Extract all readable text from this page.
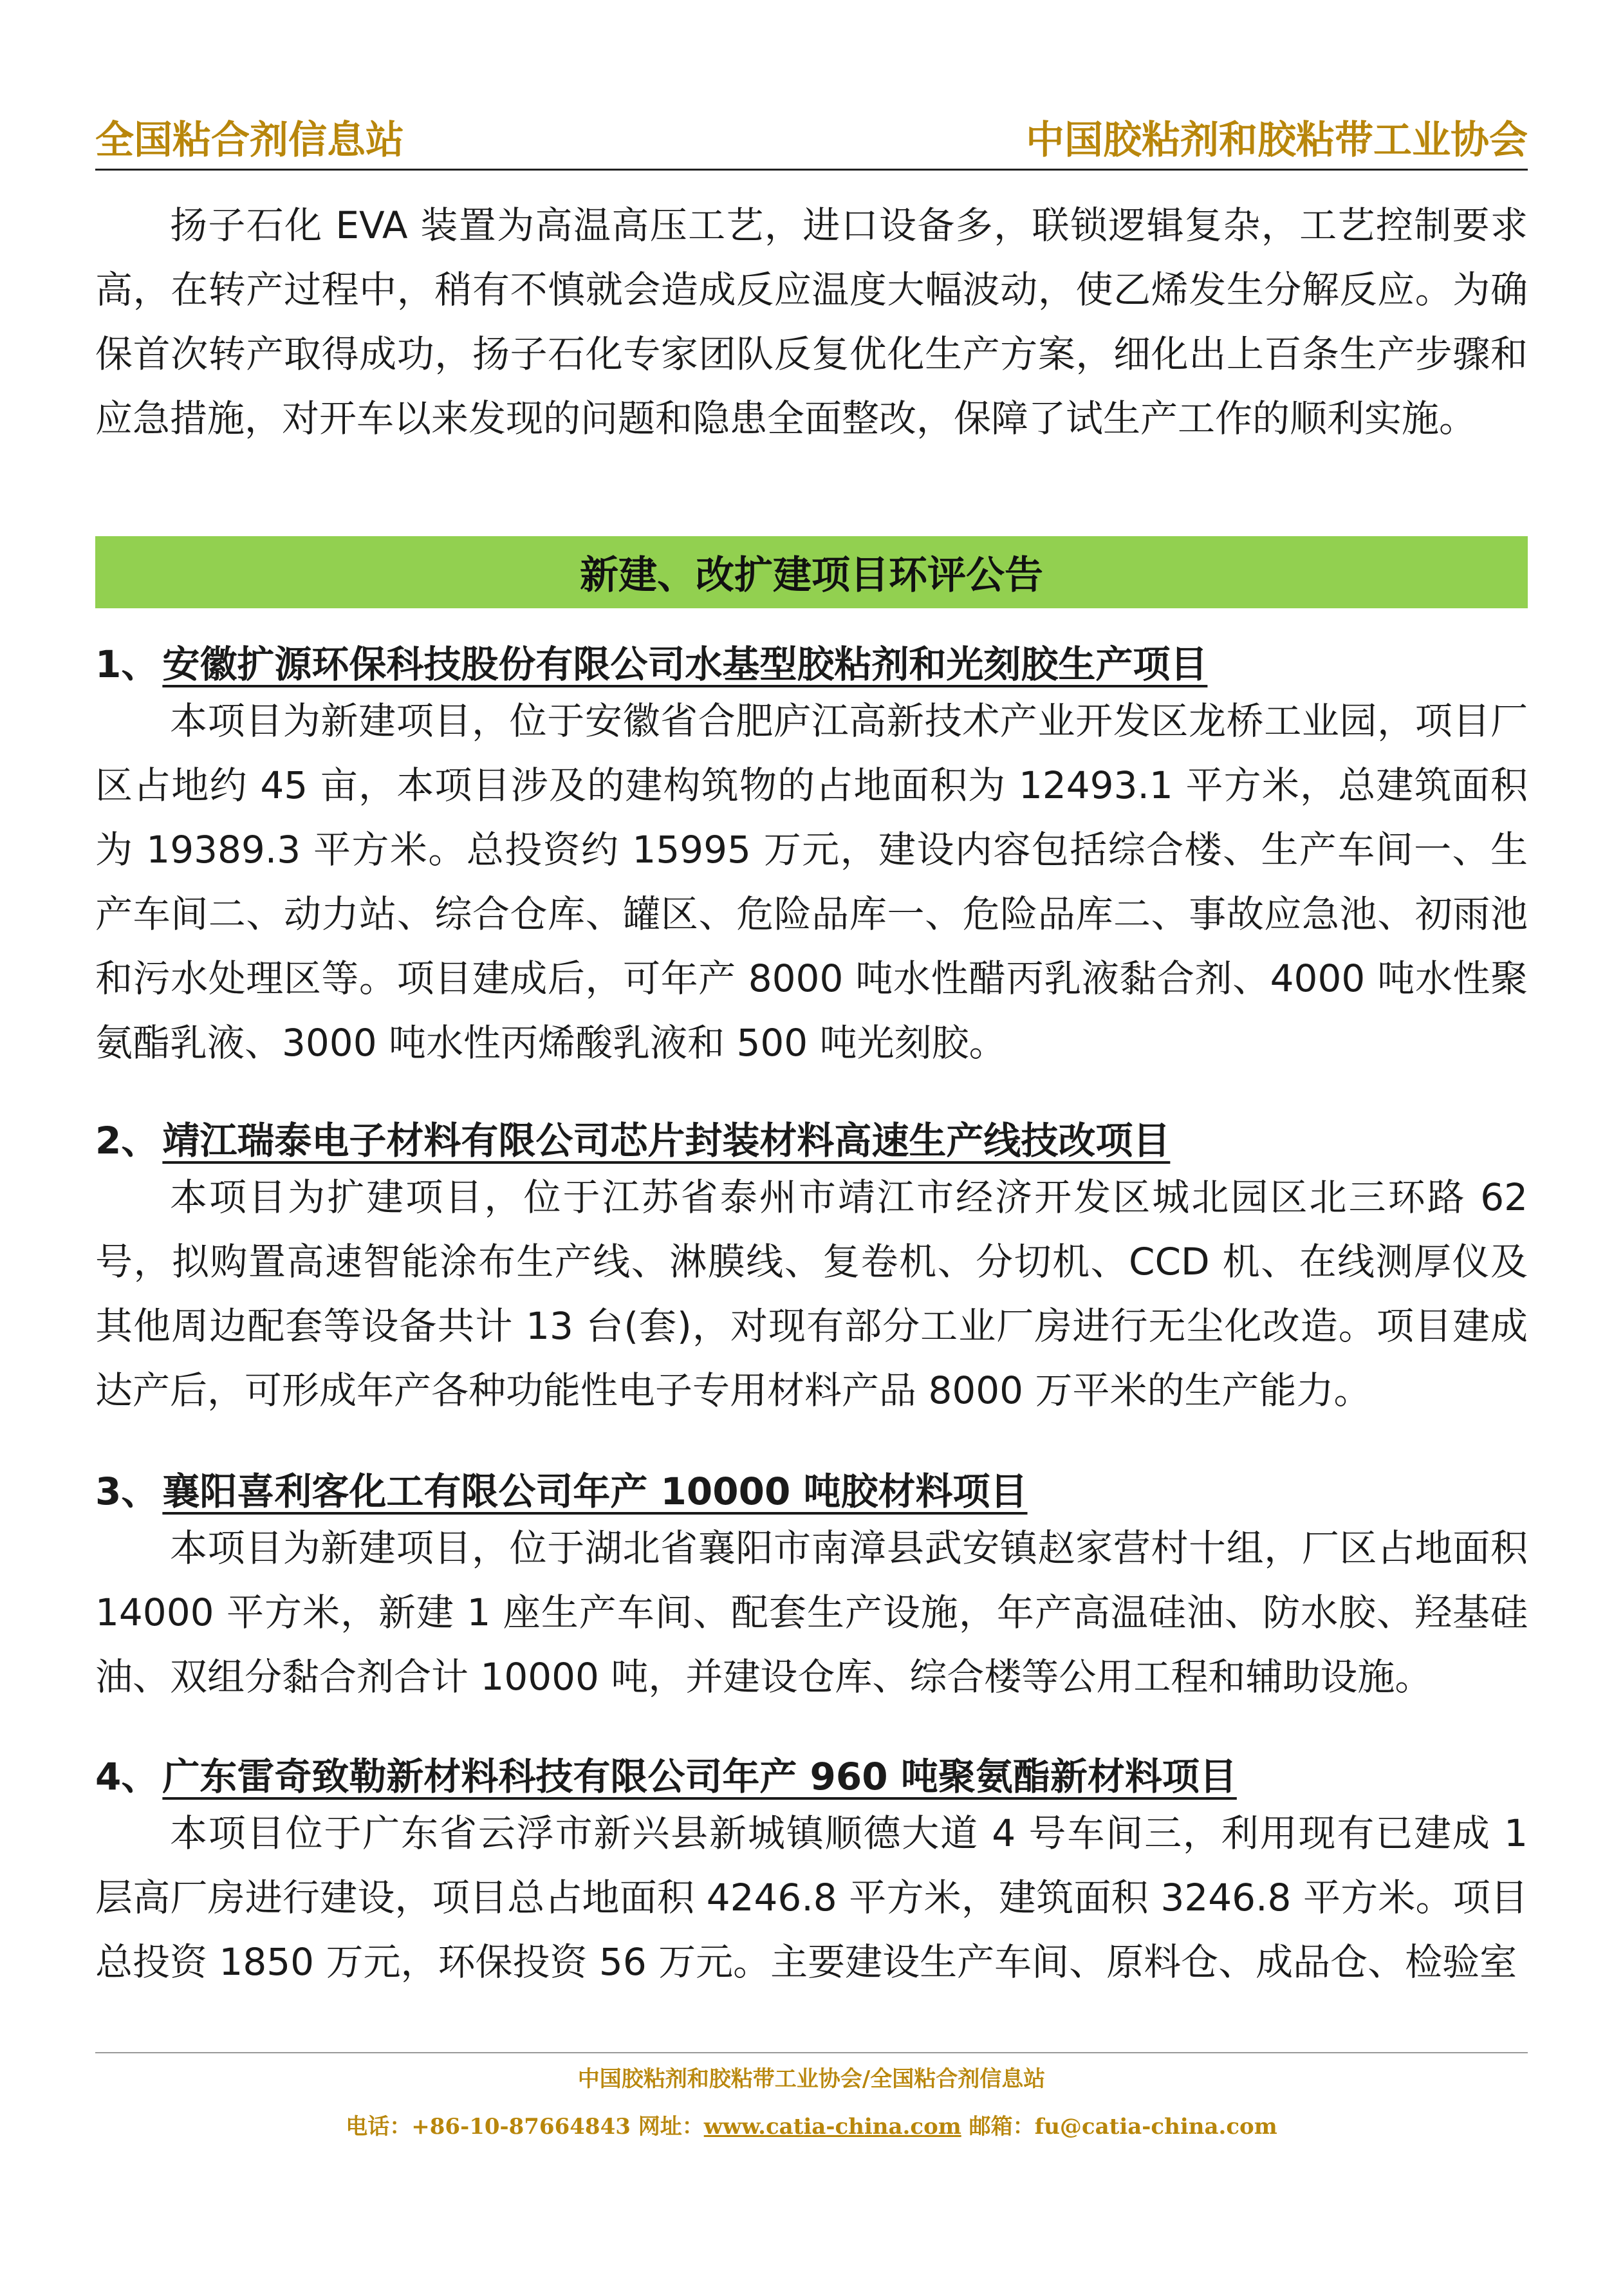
全国粘合剂信息站	中国胶粘剂和胶粘带工业协会

扬子石化 EVA 装置为高温高压工艺，进口设备多，联锁逻辑复杂，工艺控制要求高，在转产过程中，稍有不慎就会造成反应温度大幅波动，使乙烯发生分解反应。为确保首次转产取得成功，扬子石化专家团队反复优化生产方案，细化出上百条生产步骤和应急措施，对开车以来发现的问题和隐患全面整改，保障了试生产工作的顺利实施。

新建、改扩建项目环评公告
1、 安徽扩源环保科技股份有限公司水基型胶粘剂和光刻胶生产项目

本项目为新建项目，位于安徽省合肥庐江高新技术产业开发区龙桥工业园，项目厂区占地约 45 亩，本项目涉及的建构筑物的占地面积为 12493.1 平方米，总建筑面积为 19389.3 平方米。总投资约 15995 万元，建设内容包括综合楼、生产车间一、生产车间二、动力站、综合仓库、罐区、危险品库一、危险品库二、事故应急池、初雨池和污水处理区等。项目建成后，可年产 8000 吨水性醋丙乳液黏合剂、4000 吨水性聚氨酯乳液、3000 吨水性丙烯酸乳液和 500 吨光刻胶。

2、 靖江瑞泰电子材料有限公司芯片封装材料高速生产线技改项目

本项目为扩建项目，位于江苏省泰州市靖江市经济开发区城北园区北三环路 62 号，拟购置高速智能涂布生产线、淋膜线、复卷机、分切机、CCD 机、在线测厚仪及其他周边配套等设备共计 13 台(套)，对现有部分工业厂房进行无尘化改造。项目建成达产后，可形成年产各种功能性电子专用材料产品 8000 万平米的生产能力。

3、 襄阳喜利客化工有限公司年产 10000 吨胶材料项目

本项目为新建项目，位于湖北省襄阳市南漳县武安镇赵家营村十组，厂区占地面积 14000 平方米，新建 1 座生产车间、配套生产设施，年产高温硅油、防水胶、羟基硅油、双组分黏合剂合计 10000 吨，并建设仓库、综合楼等公用工程和辅助设施。

4、 广东雷奇致勒新材料科技有限公司年产 960 吨聚氨酯新材料项目

本项目位于广东省云浮市新兴县新城镇顺德大道 4 号车间三，利用现有已建成 1 层高厂房进行建设，项目总占地面积 4246.8 平方米，建筑面积 3246.8 平方米。项目总投资 1850 万元，环保投资 56 万元。主要建设生产车间、原料仓、成品仓、检验室

中国胶粘剂和胶粘带工业协会/全国粘合剂信息站
电话：+86-10-87664843 网址：www.catia-china.com 邮箱：fu@catia-china.com
